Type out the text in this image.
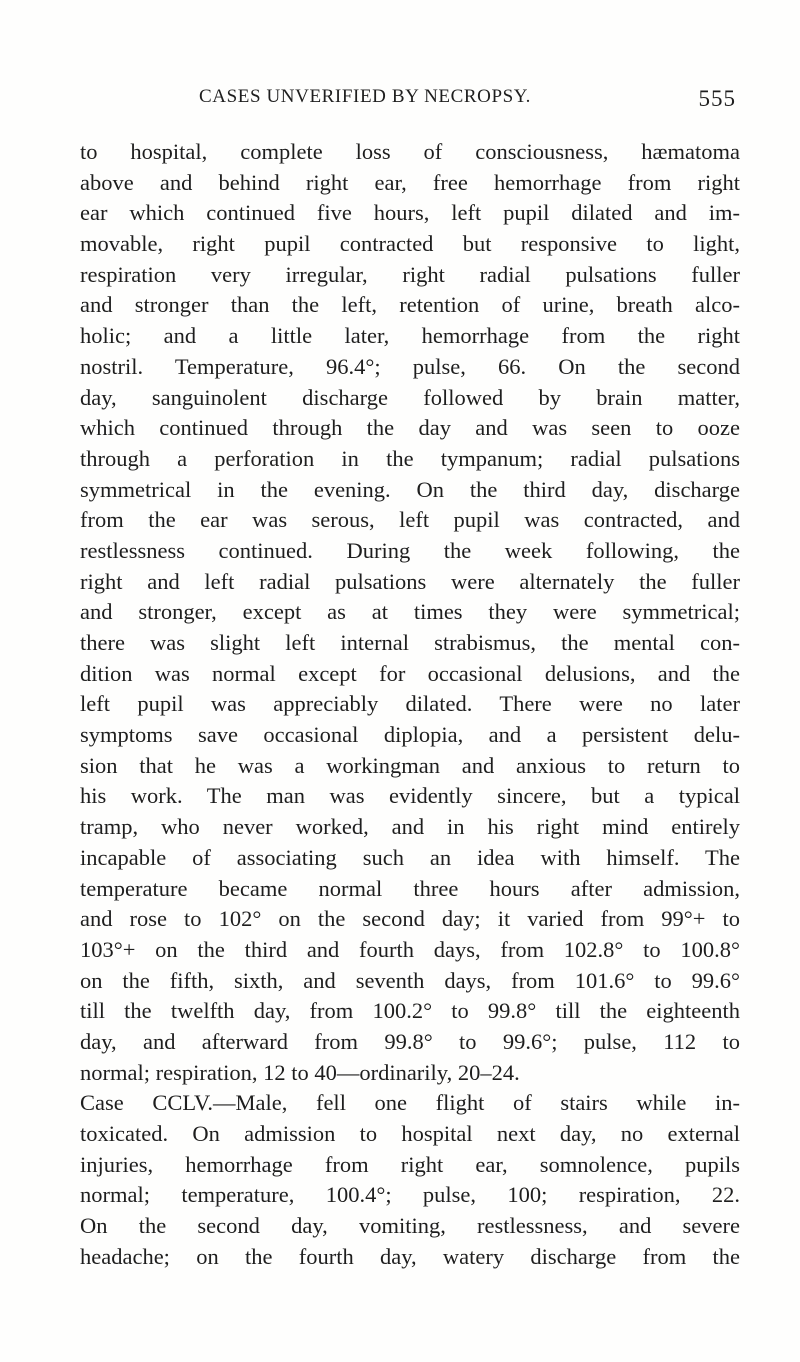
CASES UNVERIFIED BY NECROPSY.	555
to hospital, complete loss of consciousness, hæmatoma
above and behind right ear, free hemorrhage from right
ear which continued five hours, left pupil dilated and im-
movable, right pupil contracted but responsive to light,
respiration very irregular, right radial pulsations fuller
and stronger than the left, retention of urine, breath alco-
holic; and a little later, hemorrhage from the right
nostril. Temperature, 96.4°; pulse, 66. On the second
day, sanguinolent discharge followed by brain matter,
which continued through the day and was seen to ooze
through a perforation in the tympanum; radial pulsations
symmetrical in the evening. On the third day, discharge
from the ear was serous, left pupil was contracted, and
restlessness continued. During the week following, the
right and left radial pulsations were alternately the fuller
and stronger, except as at times they were symmetrical;
there was slight left internal strabismus, the mental con-
dition was normal except for occasional delusions, and the
left pupil was appreciably dilated. There were no later
symptoms save occasional diplopia, and a persistent delu-
sion that he was a workingman and anxious to return to
his work. The man was evidently sincere, but a typical
tramp, who never worked, and in his right mind entirely
incapable of associating such an idea with himself. The
temperature became normal three hours after admission,
and rose to 102° on the second day; it varied from 99°+ to
103°+ on the third and fourth days, from 102.8° to 100.8°
on the fifth, sixth, and seventh days, from 101.6° to 99.6°
till the twelfth day, from 100.2° to 99.8° till the eighteenth
day, and afterward from 99.8° to 99.6°; pulse, 112 to
normal; respiration, 12 to 40—ordinarily, 20–24.
Case CCLV.—Male, fell one flight of stairs while in-
toxicated. On admission to hospital next day, no external
injuries, hemorrhage from right ear, somnolence, pupils
normal; temperature, 100.4°; pulse, 100; respiration, 22.
On the second day, vomiting, restlessness, and severe
headache; on the fourth day, watery discharge from the
